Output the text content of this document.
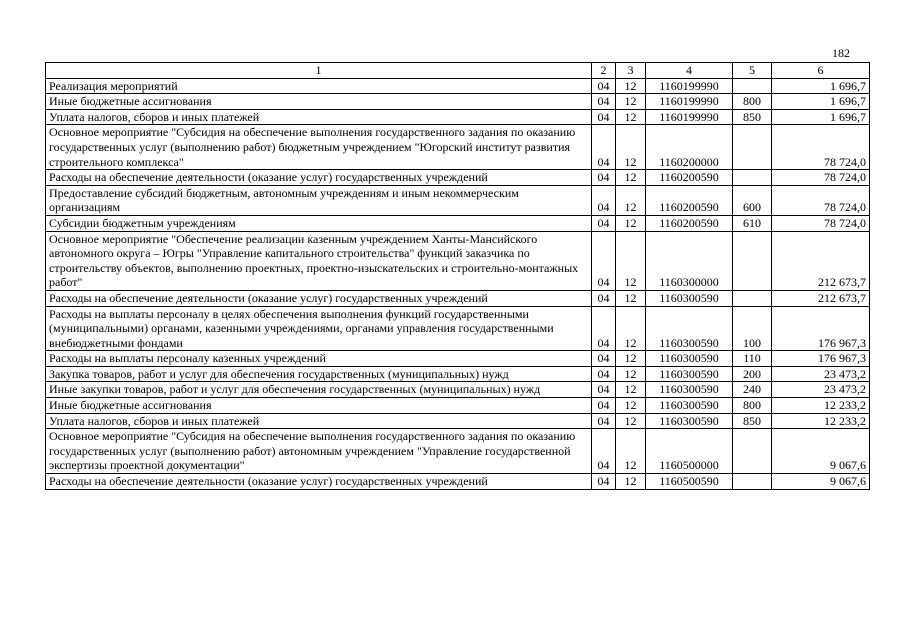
182
1	2	3	4	5	6
Реализация мероприятий	04	12	1160199990		1 696,7
Иные бюджетные ассигнования	04	12	1160199990	800	1 696,7
Уплата налогов, сборов и иных платежей	04	12	1160199990	850	1 696,7
Основное мероприятие "Субсидия на обеспечение выполнения государственного задания по оказанию государственных услуг (выполнению работ) бюджетным учреждением "Югорский институт развития строительного комплекса"	04	12	1160200000		78 724,0
Расходы на обеспечение деятельности (оказание услуг) государственных учреждений	04	12	1160200590		78 724,0
Предоставление субсидий бюджетным, автономным учреждениям и иным некоммерческим организациям	04	12	1160200590	600	78 724,0
Субсидии бюджетным учреждениям	04	12	1160200590	610	78 724,0
Основное мероприятие "Обеспечение реализации казенным учреждением Ханты-Мансийского автономного округа – Югры "Управление капитального строительства" функций заказчика по строительству объектов, выполнению проектных, проектно-изыскательских и строительно-монтажных работ"	04	12	1160300000		212 673,7
Расходы на обеспечение деятельности (оказание услуг) государственных учреждений	04	12	1160300590		212 673,7
Расходы на выплаты персоналу в целях обеспечения выполнения функций государственными (муниципальными) органами, казенными учреждениями, органами управления государственными внебюджетными фондами	04	12	1160300590	100	176 967,3
Расходы на выплаты персоналу казенных учреждений	04	12	1160300590	110	176 967,3
Закупка товаров, работ и услуг для обеспечения государственных (муниципальных) нужд	04	12	1160300590	200	23 473,2
Иные закупки товаров, работ и услуг для обеспечения государственных (муниципальных) нужд	04	12	1160300590	240	23 473,2
Иные бюджетные ассигнования	04	12	1160300590	800	12 233,2
Уплата налогов, сборов и иных платежей	04	12	1160300590	850	12 233,2
Основное мероприятие "Субсидия на обеспечение выполнения государственного задания по оказанию государственных услуг (выполнению работ) автономным учреждением "Управление государственной экспертизы проектной документации"	04	12	1160500000		9 067,6
Расходы на обеспечение деятельности (оказание услуг) государственных учреждений	04	12	1160500590		9 067,6
